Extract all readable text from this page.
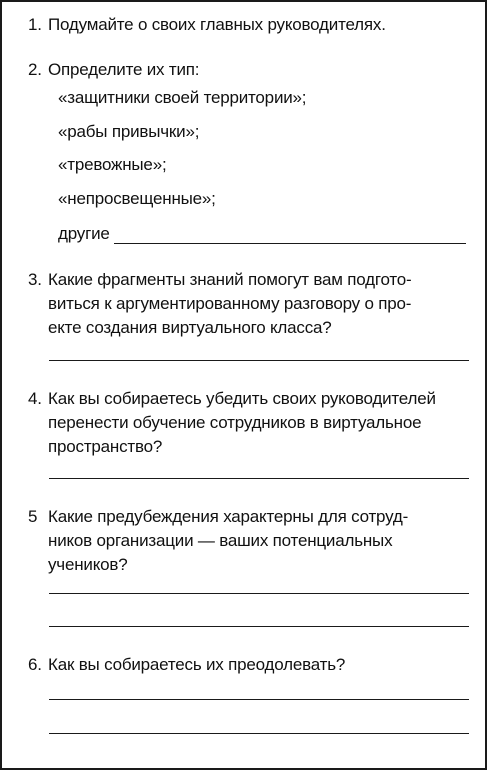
1. Подумайте о своих главных руководителях.

2. Определите их тип:

«защитники своей территории»;
«рабы привычки»;
«тревожные»;
«непросвещенные»;
другие
3. Какие фрагменты знаний помогут вам подгото-
виться к аргументированному разговору о про-
екте создания виртуального класса?

4. Как вы собираетесь убедить своих руководителей
перенести обучение сотрудников в виртуальное
пространство?

5 Какие предубеждения характерны для сотруд-
ников организации — ваших потенциальных
учеников?

6. Как вы собираетесь их преодолевать?
